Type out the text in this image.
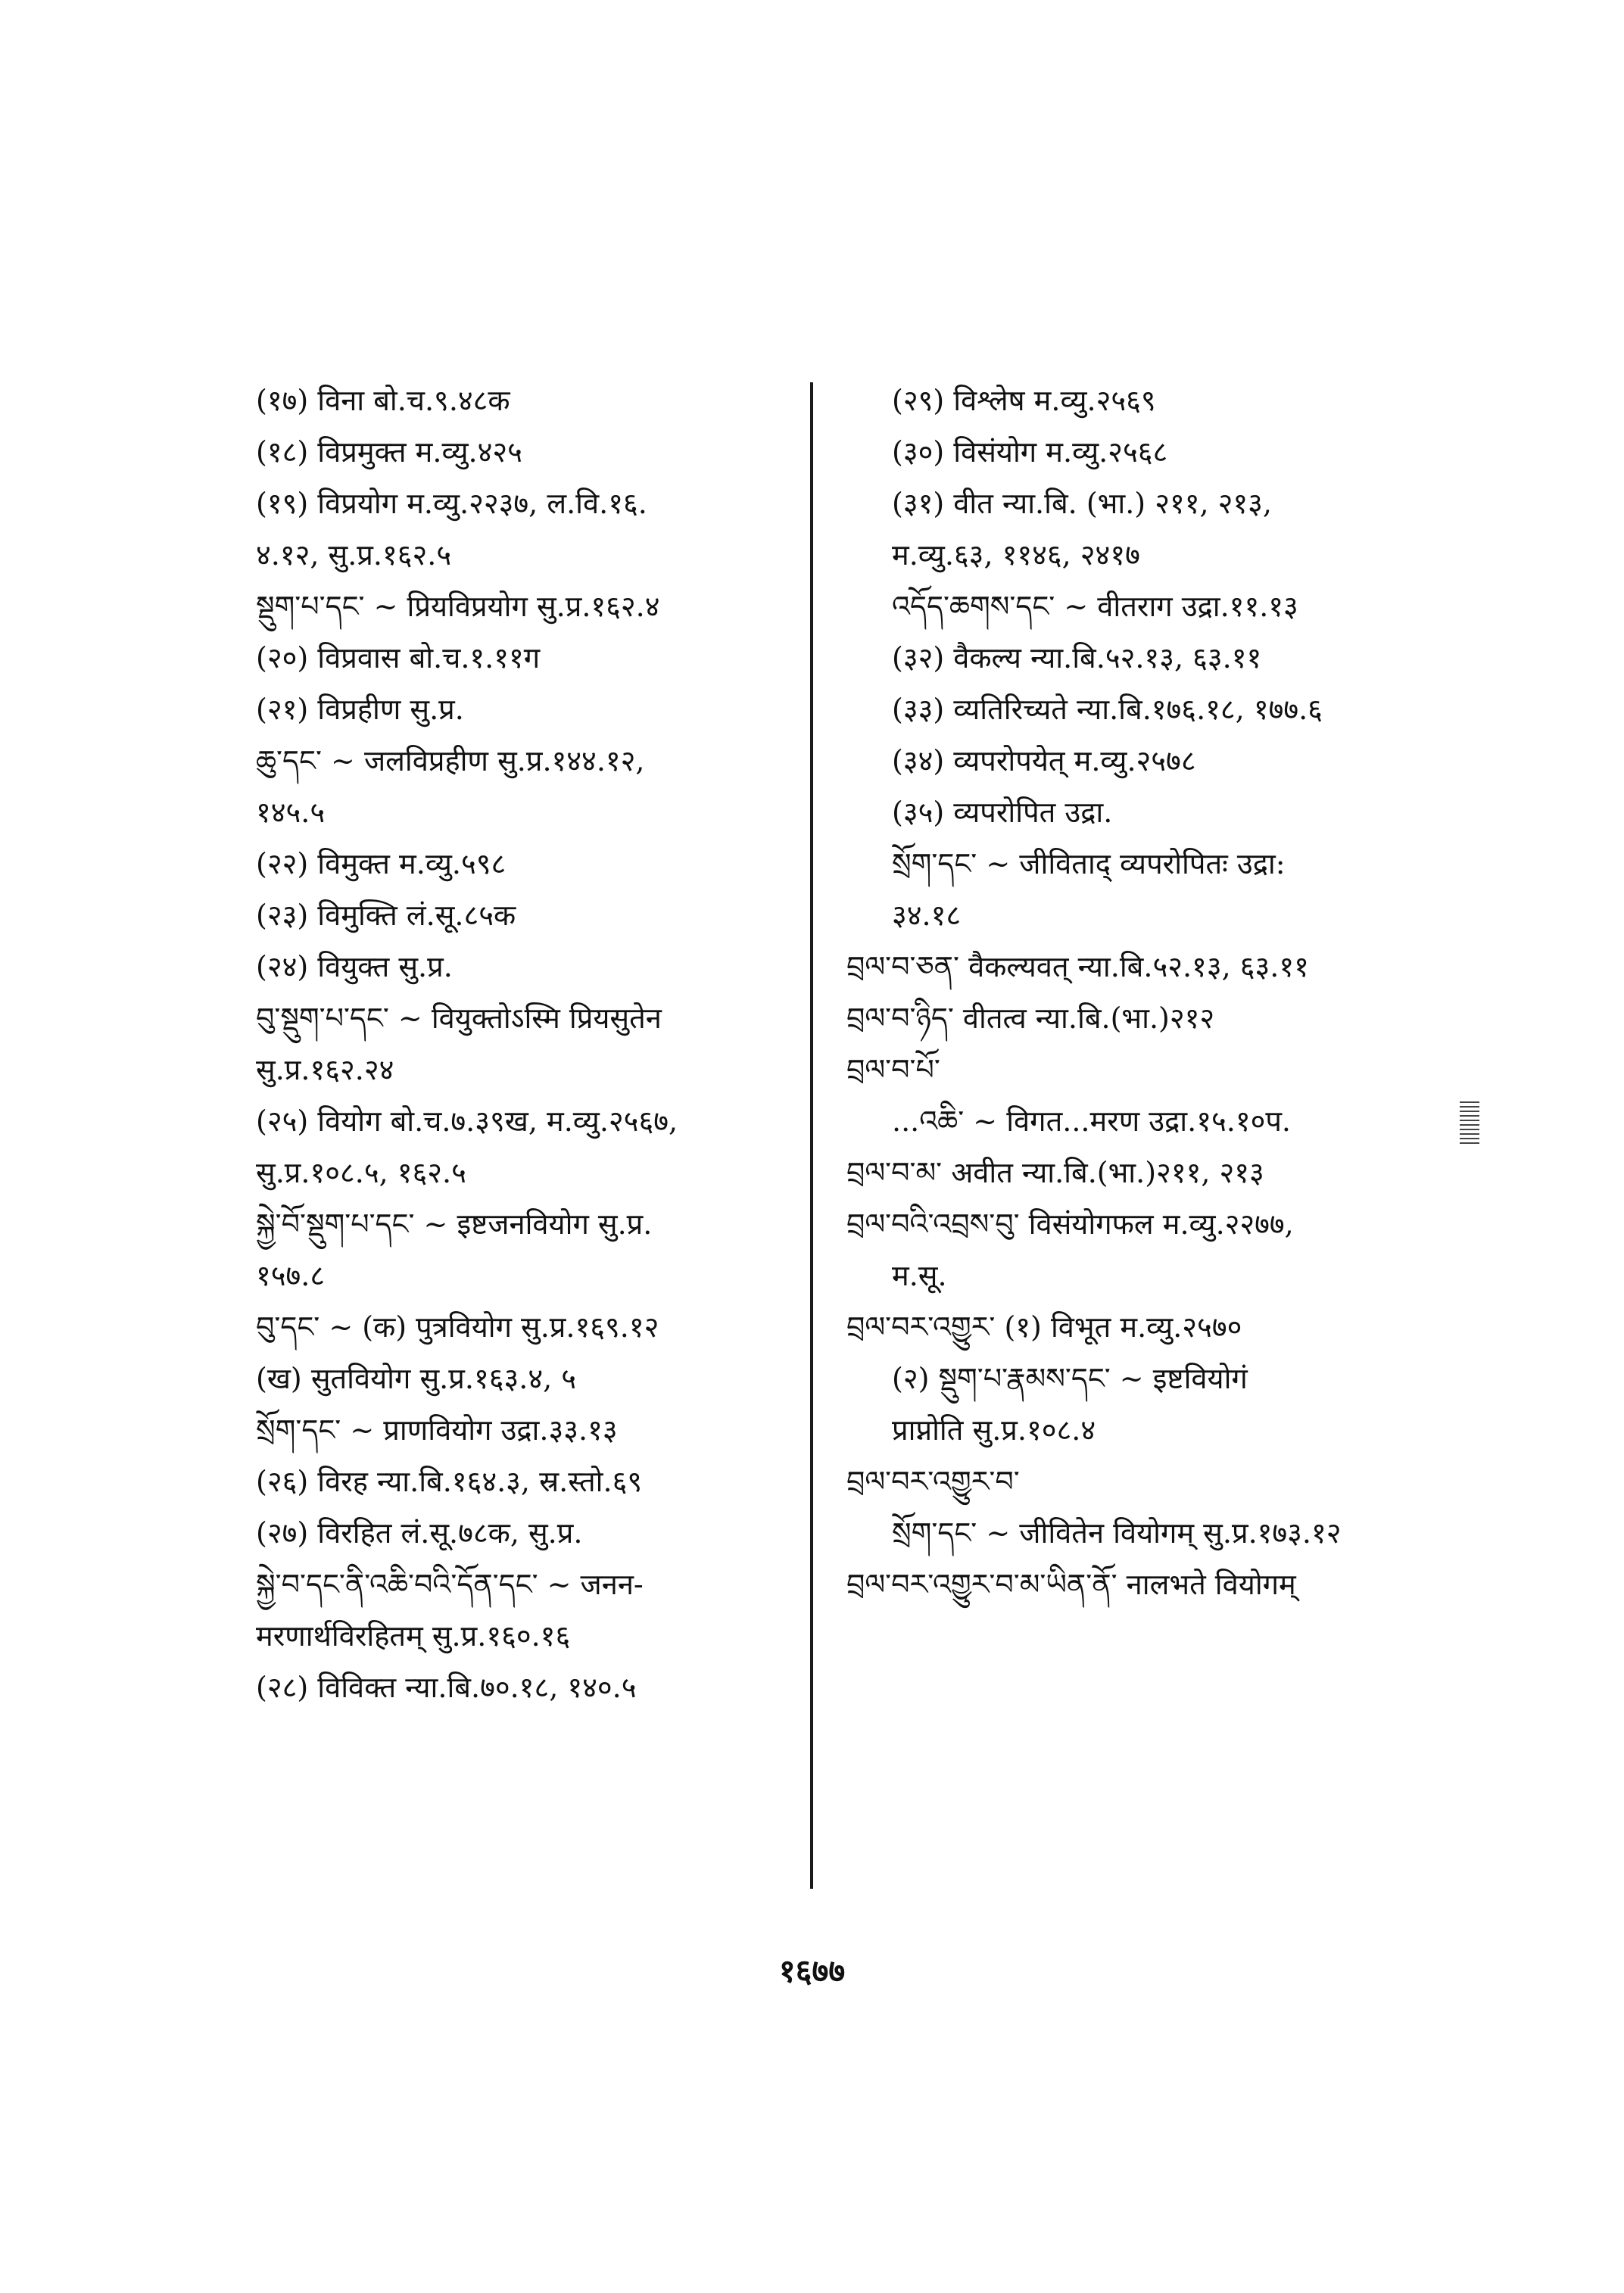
(१७) विना बो.च.९.४८क
(१८) विप्रमुक्त म.व्यु.४२५
(१९) विप्रयोग म.व्यु.२२३७, ल.वि.१६.
४.१२, सु.प्र.१६२.५
སྡུག་པ་དང་ ~ प्रियविप्रयोग सु.प्र.१६२.४
(२०) विप्रवास बो.च.१.११ग
(२१) विप्रहीण सु.प्र.
ཆུ་དང་ ~ जलविप्रहीण सु.प्र.१४४.१२,
१४५.५
(२२) विमुक्त म.व्यु.५९८
(२३) विमुक्ति लं.सू.८५क
(२४) वियुक्त सु.प्र.
བུ་སྡུག་པ་དང་ ~ वियुक्तोऽस्मि प्रियसुतेन
सु.प्र.१६२.२४
(२५) वियोग बो.च.७.३९ख, म.व्यु.२५६७,
सु.प्र.१०८.५, १६२.५
སྐྱེ་བོ་སྡུག་པ་དང་ ~ इष्टजनवियोग सु.प्र.
१५७.८
བུ་དང་ ~ (क) पुत्रवियोग सु.प्र.१६९.१२
(ख) सुतवियोग सु.प्र.१६३.४, ५
སྲོག་དང་ ~ प्राणवियोग उद्रा.३३.१३
(२६) विरह न्या.बि.१६४.३, स्र.स्तो.६९
(२७) विरहित लं.सू.७८क, सु.प्र.
སྐྱེ་བ་དང་ནི་འཆི་བའི་དོན་དང་ ~ जनन-
मरणार्थविरहितम् सु.प्र.१६०.१६
(२८) विविक्त न्या.बि.७०.१८, १४०.५
(२९) विश्लेष म.व्यु.२५६९
(३०) विसंयोग म.व्यु.२५६८
(३१) वीत न्या.बि. (भा.) २११, २१३,
म.व्यु.६३, ११४६, २४१७
འདོད་ཆགས་དང་ ~ वीतराग उद्रा.११.१३
(३२) वैकल्य न्या.बि.५२.१३, ६३.११
(३३) व्यतिरिच्यते न्या.बि.१७६.१८, १७७.६
(३४) व्यपरोपयेत् म.व्यु.२५७८
(३५) व्यपरोपित उद्रा.
སྲོག་དང་ ~ जीविताद् व्यपरोपितः उद्रा:
३४.१८
བྲལ་བ་ཅན་ वैकल्यवत् न्या.बि.५२.१३, ६३.११
བྲལ་བ་ཉིད་ वीतत्व न्या.बि.(भा.)२१२
བྲལ་བ་པོ་
...འཆི་ ~ विगत...मरण उद्रा.१५.१०प.
བྲལ་བ་མ་ अवीत न्या.बि.(भा.)२११, २१३
བྲལ་བའི་འབྲས་བུ་ विसंयोगफल म.व्यु.२२७७,
म.सू.
བྲལ་བར་འགྱུར་ (१) विभूत म.व्यु.२५७०
(२) སྡུག་པ་རྣམས་དང་ ~ इष्टवियोगं
प्राप्नोति सु.प्र.१०८.४
བྲལ་བར་འགྱུར་བ་
སྲོག་དང་ ~ जीवितेन वियोगम् सु.प्र.१७३.१२
བྲལ་བར་འགྱུར་བ་མ་ཡིན་ནོ་ नालभते वियोगम्
१६७७
